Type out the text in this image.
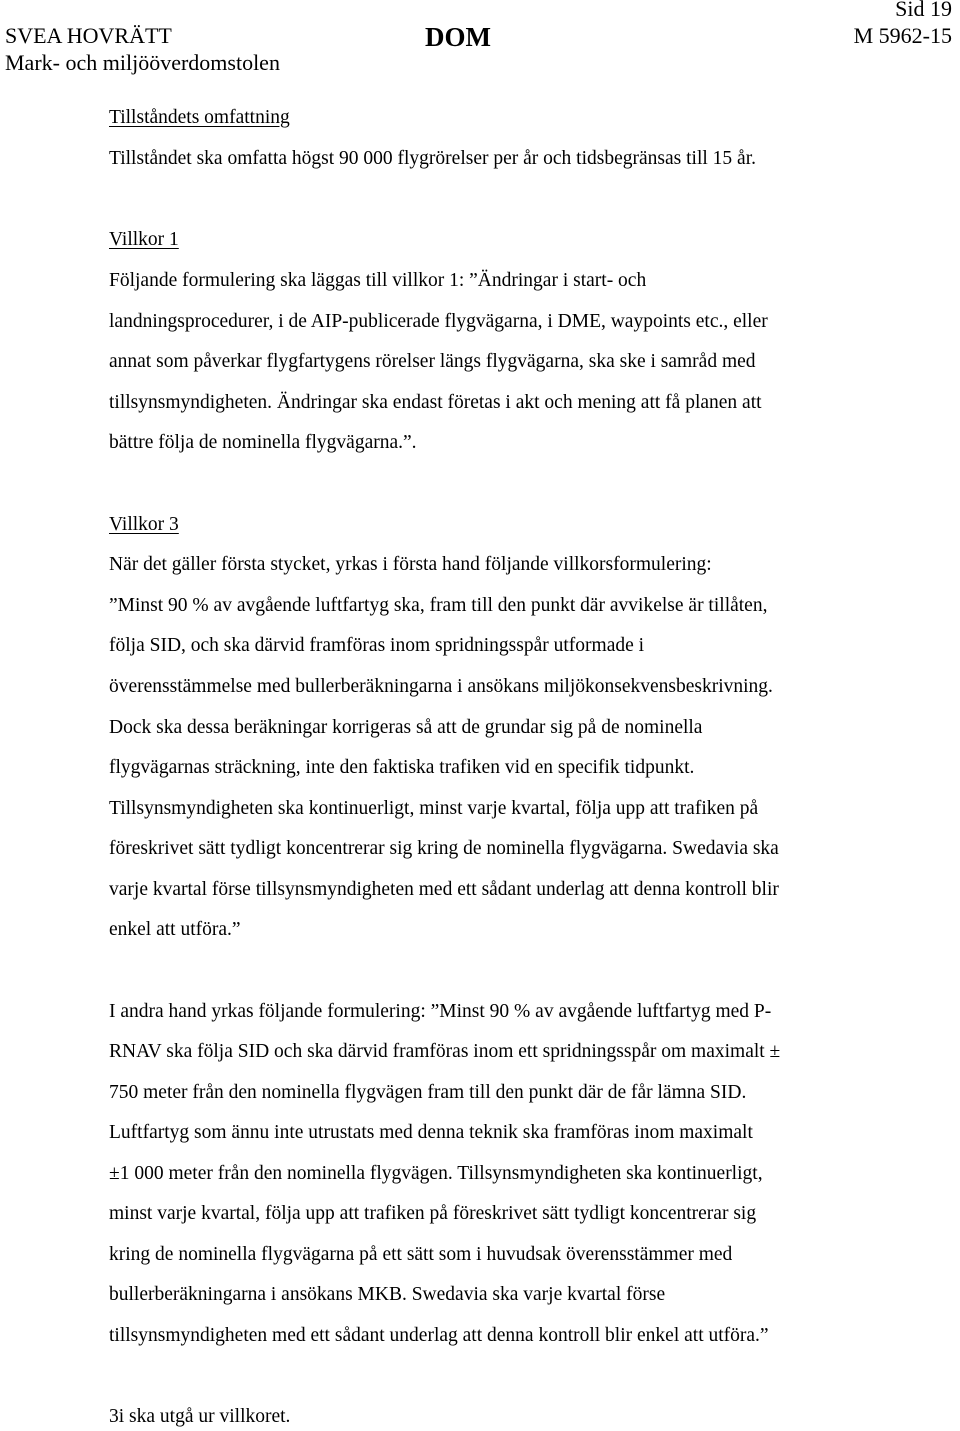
Sid 19
SVEA HOVRÄTT	DOM	M 5962-15
Mark- och miljööverdomstolen
Tillståndets omfattning
Tillståndet ska omfatta högst 90 000 flygrörelser per år och tidsbegränsas till 15 år.
Villkor 1
Följande formulering ska läggas till villkor 1: ”Ändringar i start- och
landningsprocedurer, i de AIP-publicerade flygvägarna, i DME, waypoints etc., eller
annat som påverkar flygfartygens rörelser längs flygvägarna, ska ske i samråd med
tillsynsmyndigheten. Ändringar ska endast företas i akt och mening att få planen att
bättre följa de nominella flygvägarna.”.
Villkor 3
När det gäller första stycket, yrkas i första hand följande villkorsformulering:
”Minst 90 % av avgående luftfartyg ska, fram till den punkt där avvikelse är tillåten,
följa SID, och ska därvid framföras inom spridningsspår utformade i
överensstämmelse med bullerberäkningarna i ansökans miljökonsekvensbeskrivning.
Dock ska dessa beräkningar korrigeras så att de grundar sig på de nominella
flygvägarnas sträckning, inte den faktiska trafiken vid en specifik tidpunkt.
Tillsynsmyndigheten ska kontinuerligt, minst varje kvartal, följa upp att trafiken på
föreskrivet sätt tydligt koncentrerar sig kring de nominella flygvägarna. Swedavia ska
varje kvartal förse tillsynsmyndigheten med ett sådant underlag att denna kontroll blir
enkel att utföra.”
I andra hand yrkas följande formulering: ”Minst 90 % av avgående luftfartyg med P-
RNAV ska följa SID och ska därvid framföras inom ett spridningsspår om maximalt ±
750 meter från den nominella flygvägen fram till den punkt där de får lämna SID.
Luftfartyg som ännu inte utrustats med denna teknik ska framföras inom maximalt
±1 000 meter från den nominella flygvägen. Tillsynsmyndigheten ska kontinuerligt,
minst varje kvartal, följa upp att trafiken på föreskrivet sätt tydligt koncentrerar sig
kring de nominella flygvägarna på ett sätt som i huvudsak överensstämmer med
bullerberäkningarna i ansökans MKB. Swedavia ska varje kvartal förse
tillsynsmyndigheten med ett sådant underlag att denna kontroll blir enkel att utföra.”
3i ska utgå ur villkoret.
